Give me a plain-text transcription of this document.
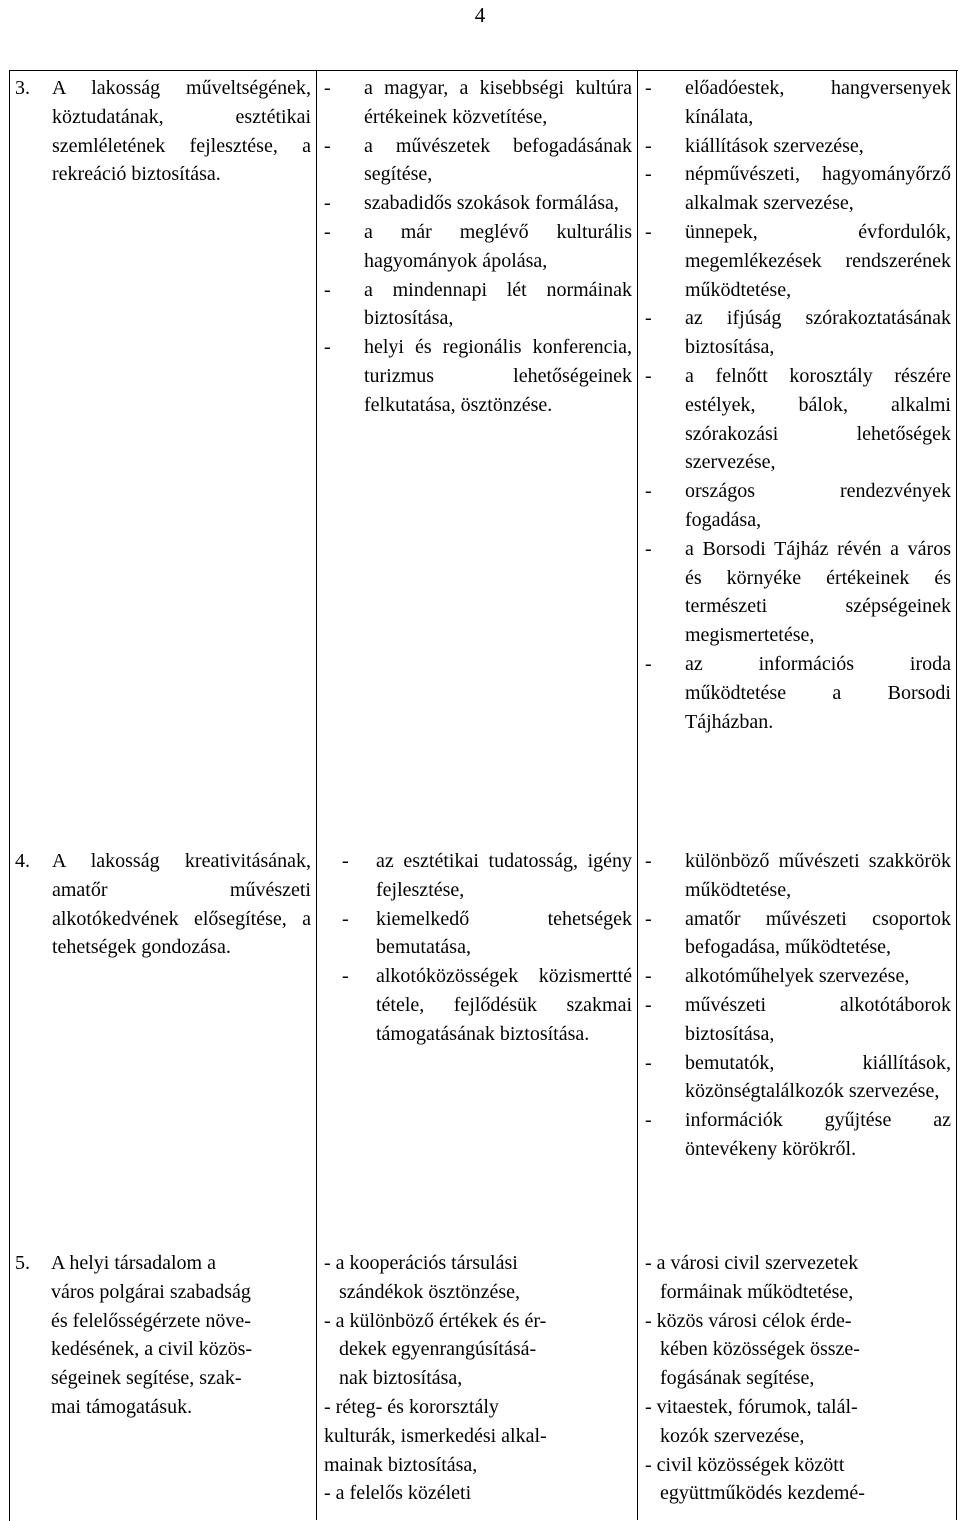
4
3. A lakosság műveltségének, köztudatának, esztétikai szemléletének fejlesztése, a rekreáció biztosítása.
4. A lakosság kreativitásának, amatőr művészeti alkotókedvének elősegítése, a tehetségek gondozása.
5. A helyi társadalom a
város polgárai szabadság
és felelősségérzete növe-
kedésének, a civil közös-
ségeinek segítése, szak-
mai támogatásuk.
- a magyar, a kisebbségi kultúra értékeinek közvetítése,
- a művészetek befogadásának segítése,
- szabadidős szokások formálása,
- a már meglévő kulturális hagyományok ápolása,
- a mindennapi lét normáinak biztosítása,
- helyi és regionális konferencia, turizmus lehetőségeinek felkutatása, ösztönzése.
- az esztétikai tudatosság, igény fejlesztése,
- kiemelkedő tehetségek bemutatása,
- alkotóközösségek közismertté tétele, fejlődésük szakmai támogatásának biztosítása.
- a kooperációs társulási
szándékok ösztönzése,
- a különböző értékek és ér-
dekek egyenrangúsításá-
nak biztosítása,
- réteg- és kororsztály
kulturák, ismerkedési alkal-
mainak biztosítása,
- a felelős közéleti
- előadóestek, hangversenyek kínálata,
- kiállítások szervezése,
- népművészeti, hagyományőrző alkalmak szervezése,
- ünnepek, évfordulók, megemlékezések rendszerének működtetése,
- az ifjúság szórakoztatásának biztosítása,
- a felnőtt korosztály részére estélyek, bálok, alkalmi szórakozási lehetőségek szervezése,
- országos rendezvények fogadása,
- a Borsodi Tájház révén a város és környéke értékeinek és természeti szépségeinek megismertetése,
- az információs iroda működtetése a Borsodi Tájházban.
- különböző művészeti szakkörök működtetése,
- amatőr művészeti csoportok befogadása, működtetése,
- alkotóműhelyek szervezése,
- művészeti alkotótáborok biztosítása,
- bemutatók, kiállítások, közönségtalálkozók szervezése,
- információk gyűjtése az öntevékeny körökről.
- a városi civil szervezetek
formáinak működtetése,
- közös városi célok érde-
kében közösségek össze-
fogásának segítése,
- vitaestek, fórumok, talál-
kozók szervezése,
- civil közösségek között
együttműködés kezdemé-
